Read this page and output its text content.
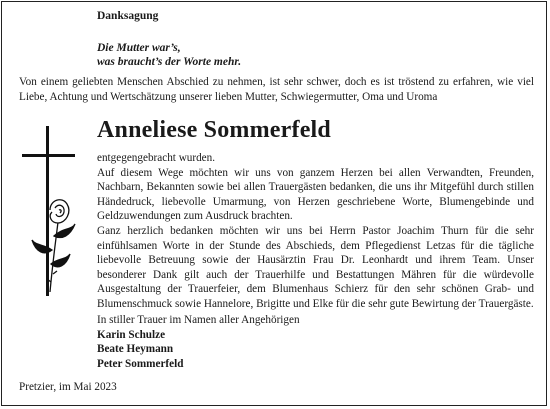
Danksagung

Die Mutter war’s,
was braucht’s der Worte mehr.

Von einem geliebten Menschen Abschied zu nehmen, ist sehr schwer, doch es ist tröstend zu erfahren, wie viel Liebe, Achtung und Wertschätzung unserer lieben Mutter, Schwiegermutter, Oma und Uroma

Anneliese Sommerfeld

entgegengebracht wurden.

Auf diesem Wege möchten wir uns von ganzem Herzen bei allen Verwandten, Freunden, Nachbarn, Bekannten sowie bei allen Trauergästen bedanken, die uns ihr Mitgefühl durch stillen Händedruck, liebevolle Umarmung, von Herzen geschriebene Worte, Blumengebinde und Geldzuwendungen zum Ausdruck brachten.

Ganz herzlich bedanken möchten wir uns bei Herrn Pastor Joachim Thurn für die sehr einfühlsamen Worte in der Stunde des Abschieds, dem Pflegedienst Letzas für die tägliche liebevolle Betreuung sowie der Hausärztin Frau Dr. Leonhardt und ihrem Team. Unser besonderer Dank gilt auch der Trauerhilfe und Bestattungen Mähren für die würdevolle Ausgestaltung der Trauerfeier, dem Blumenhaus Schierz für den sehr schönen Grab- und Blumenschmuck sowie Hannelore, Brigitte und Elke für die sehr gute Bewirtung der Trauergäste.

In stiller Trauer im Namen aller Angehörigen
Karin Schulze
Beate Heymann
Peter Sommerfeld

Pretzier, im Mai 2023
